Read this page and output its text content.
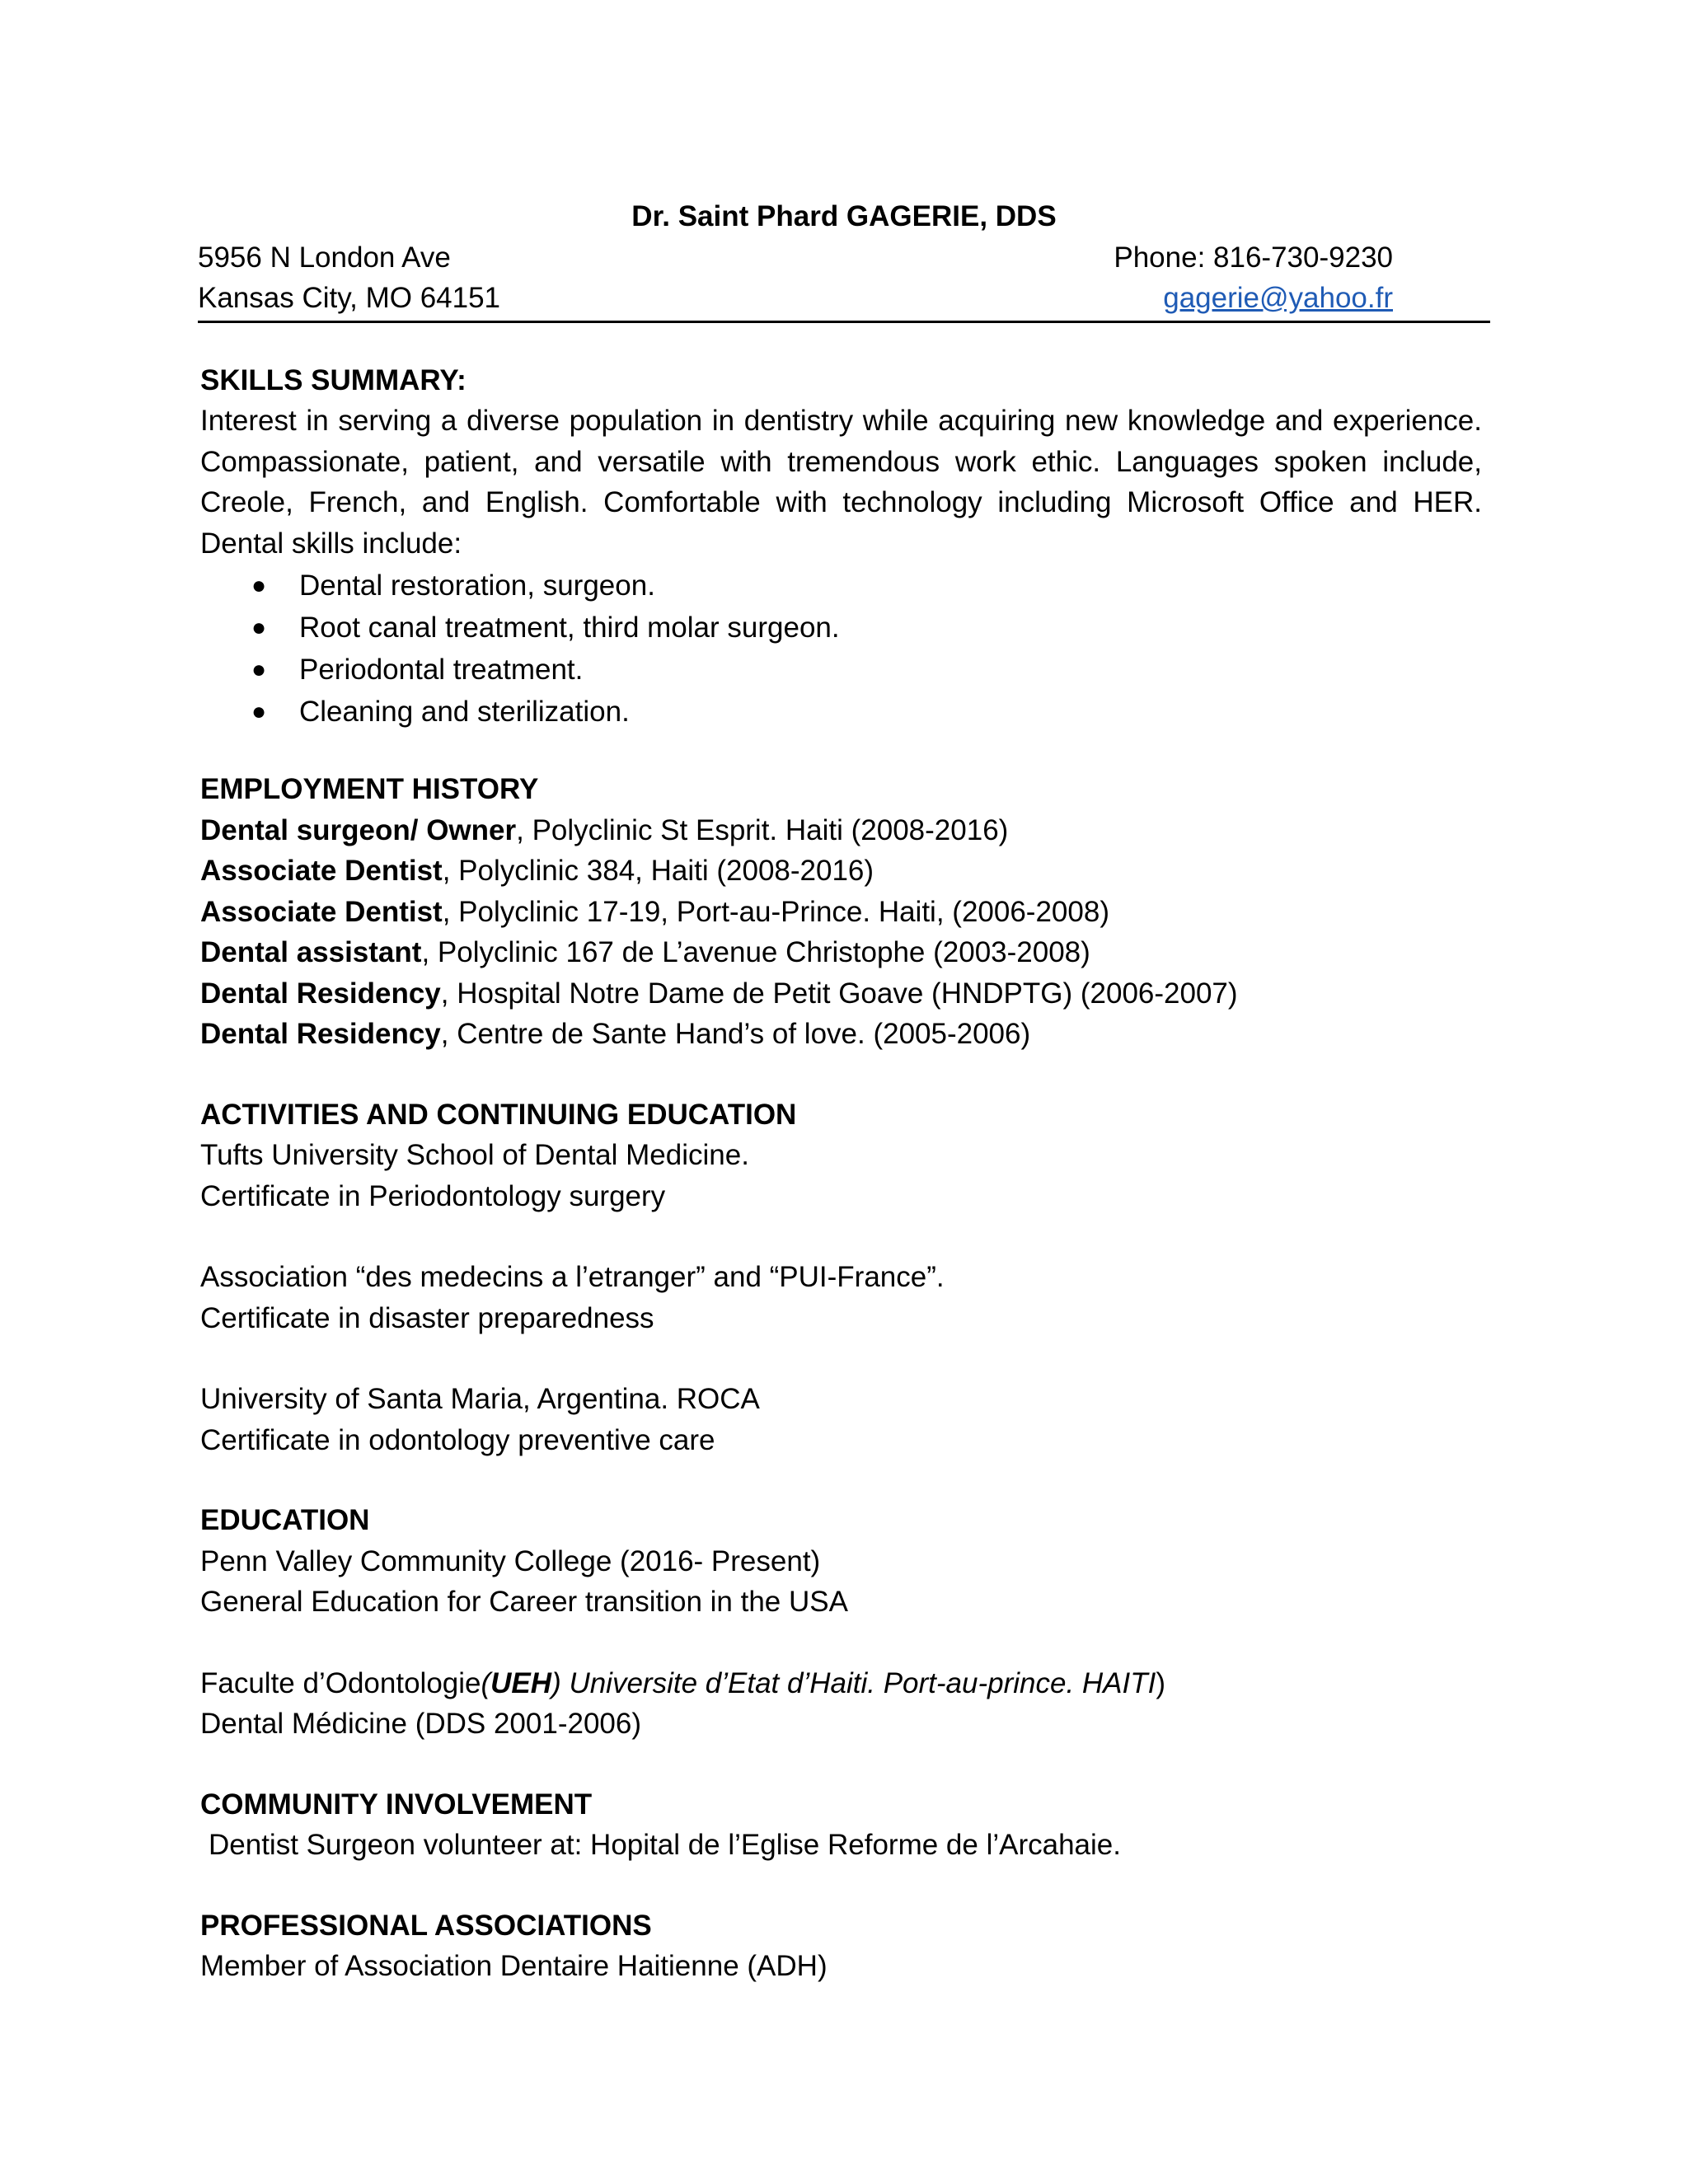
Dr. Saint Phard GAGERIE, DDS

5956 N London Ave	Phone: 816-730-9230
Kansas City, MO 64151	gagerie@yahoo.fr

SKILLS SUMMARY:

Interest in serving a diverse population in dentistry while acquiring new knowledge and experience. Compassionate, patient, and versatile with tremendous work ethic. Languages spoken include, Creole, French, and English. Comfortable with technology including Microsoft Office and HER. Dental skills include:

● Dental restoration, surgeon.
● Root canal treatment, third molar surgeon.
● Periodontal treatment.
● Cleaning and sterilization.

EMPLOYMENT HISTORY

Dental surgeon/ Owner, Polyclinic St Esprit. Haiti (2008-2016)

Associate Dentist, Polyclinic 384, Haiti (2008-2016)

Associate Dentist, Polyclinic 17-19, Port-au-Prince. Haiti, (2006-2008)

Dental assistant, Polyclinic 167 de L’avenue Christophe (2003-2008)

Dental Residency, Hospital Notre Dame de Petit Goave (HNDPTG) (2006-2007)

Dental Residency, Centre de Sante Hand’s of love. (2005-2006)

ACTIVITIES AND CONTINUING EDUCATION

Tufts University School of Dental Medicine.

Certificate in Periodontology surgery

Association “des medecins a l’etranger” and “PUI-France”.

Certificate in disaster preparedness

University of Santa Maria, Argentina. ROCA

Certificate in odontology preventive care

EDUCATION

Penn Valley Community College (2016- Present)

General Education for Career transition in the USA

Faculte d’Odontologie(UEH) Universite d’Etat d’Haiti. Port-au-prince. HAITI)

Dental Médicine (DDS 2001-2006)

COMMUNITY INVOLVEMENT

Dentist Surgeon volunteer at: Hopital de l’Eglise Reforme de l’Arcahaie.

PROFESSIONAL ASSOCIATIONS

Member of Association Dentaire Haitienne (ADH)
